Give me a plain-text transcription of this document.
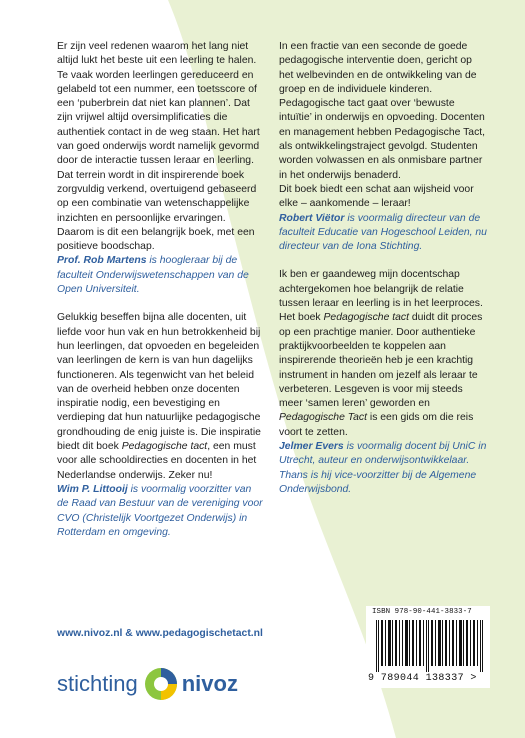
Er zijn veel redenen waarom het lang niet altijd lukt het beste uit een leerling te halen. Te vaak worden leerlingen gereduceerd en gelabeld tot een nummer, een toetsscore of een ‘puberbrein dat niet kan plannen’. Dat zijn vrijwel altijd oversimplificaties die authentiek contact in de weg staan. Het hart van goed onderwijs wordt namelijk gevormd door de interactie tussen leraar en leerling. Dat terrein wordt in dit inspirerende boek zorgvuldig verkend, overtuigend gebaseerd op een combinatie van wetenschappelijke inzichten en persoonlijke ervaringen. Daarom is dit een belangrijk boek, met een positieve boodschap.

Prof. Rob Martens is hoogleraar bij de faculteit Onderwijswetenschappen van de Open Universiteit.

Gelukkig beseffen bijna alle docenten, uit liefde voor hun vak en hun betrokkenheid bij hun leerlingen, dat opvoeden en begeleiden van leerlingen de kern is van hun dagelijks functioneren. Als tegenwicht van het beleid van de overheid hebben onze docenten inspiratie nodig, een bevestiging en verdieping dat hun natuurlijke pedagogische grondhouding de enig juiste is. Die inspiratie biedt dit boek Pedagogische tact, een must voor alle schooldirecties en docenten in het Nederlandse onderwijs. Zeker nu!

Wim P. Littooij is voormalig voorzitter van de Raad van Bestuur van de vereniging voor CVO (Christelijk Voortgezet Onderwijs) in Rotterdam en omgeving.

In een fractie van een seconde de goede pedagogische interventie doen, gericht op het welbevinden en de ontwikkeling van de groep en de individuele kinderen. Pedagogische tact gaat over ‘bewuste intuïtie’ in onderwijs en opvoeding. Docenten en management hebben Pedagogische Tact, als ontwikkelingstraject gevolgd. Studenten worden volwassen en als onmisbare partner in het onderwijs benaderd.

Dit boek biedt een schat aan wijsheid voor elke – aankomende – leraar!

Robert Viëtor is voormalig directeur van de faculteit Educatie van Hogeschool Leiden, nu directeur van de Iona Stichting.

Ik ben er gaandeweg mijn docentschap achtergekomen hoe belangrijk de relatie tussen leraar en leerling is in het leerproces. Het boek Pedagogische tact duidt dit proces op een prachtige manier. Door authentieke praktijkvoorbeelden te koppelen aan inspirerende theorieën heb je een krachtig instrument in handen om jezelf als leraar te verbeteren. Lesgeven is voor mij steeds meer ‘samen leren’ geworden en Pedagogische Tact is een gids om die reis voort te zetten.

Jelmer Evers is voormalig docent bij UniC in Utrecht, auteur en onderwijsontwikkelaar. Thans is hij vice-voorzitter bij de Algemene Onderwijsbond.

www.nivoz.nl & www.pedagogischetact.nl
stichting nivoz
ISBN 978-90-441-3833-7
9 789044 138337 >
